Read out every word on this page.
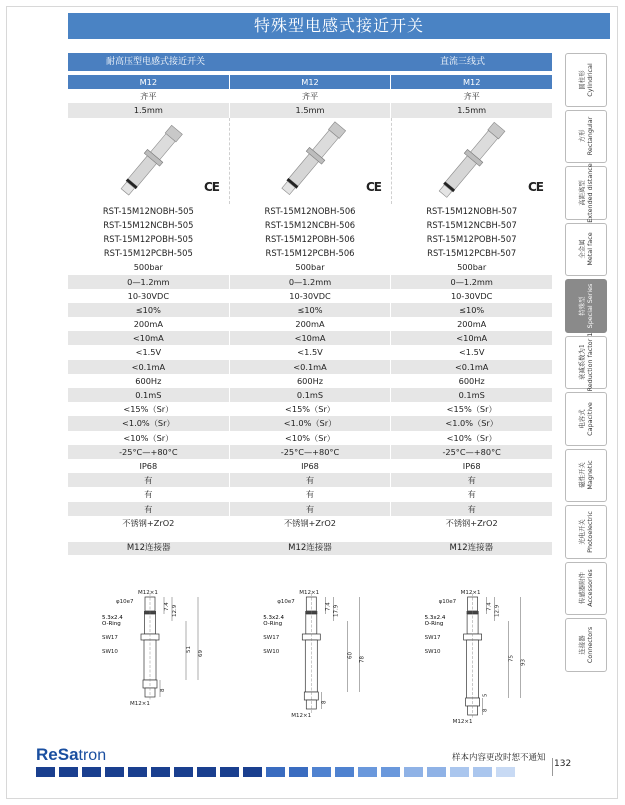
特殊型电感式接近开关
耐高压型电感式接近开关	直流三线式
M12	M12	M12
齐平	齐平	齐平
1.5mm	1.5mm	1.5mm
CE	CE	CE
RST-15M12NOBH-505	RST-15M12NOBH-506	RST-15M12NOBH-507
RST-15M12NCBH-505	RST-15M12NCBH-506	RST-15M12NCBH-507
RST-15M12POBH-505	RST-15M12POBH-506	RST-15M12POBH-507
RST-15M12PCBH-505	RST-15M12PCBH-506	RST-15M12PCBH-507
500bar	500bar	500bar
0—1.2mm	0—1.2mm	0—1.2mm
10-30VDC	10-30VDC	10-30VDC
≤10%	≤10%	≤10%
200mA	200mA	200mA
<10mA	<10mA	<10mA
<1.5V	<1.5V	<1.5V
<0.1mA	<0.1mA	<0.1mA
600Hz	600Hz	600Hz
0.1mS	0.1mS	0.1mS
<15%（Sr）	<15%（Sr）	<15%（Sr）
<1.0%（Sr）	<1.0%（Sr）	<1.0%（Sr）
<10%（Sr）	<10%（Sr）	<10%（Sr）
-25°C—+80°C	-25°C—+80°C	-25°C—+80°C
IP68	IP68	IP68
有	有	有
有	有	有
有	有	有
不锈钢+ZrO2	不锈钢+ZrO2	不锈钢+ZrO2
M12连接器	M12连接器	M12连接器
M12×1
φ10e7
5.3x2.4
O-Ring
SW17
SW10
M12×1
7.4 12.9
51
69
8
M12×1
φ10e7
5.3x2.4
O-Ring
SW17
SW10
M12×1
7.4 17.9
60
78
8
M12×1
φ10e7
5.3x2.4
O-Ring
SW17
SW10
M12×1
7.4 12.9
75
93
5
8
圆柱形 Cylindrical
方形 Rectangular
高距离型 Extended distance
全金属 Metal face
特殊型 Special Series
衰减系数为1 Reduction factor 1
电容式 Capacitive
磁性开关 Magnetic
光电开关 Photoelectric
传感器附件 Accessories
连接器 Connectors
ReSatron	样本内容更改时恕不通知
132
